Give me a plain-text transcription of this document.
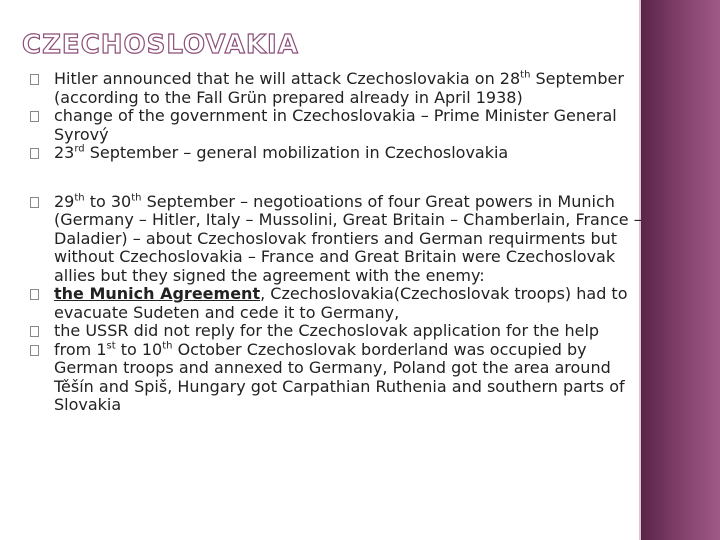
CZECHOSLOVAKIA
Hitler announced that he will attack Czechoslovakia on 28th September (according to the Fall Grün prepared already in April 1938)
change of the government in Czechoslovakia – Prime Minister General Syrový
23rd September – general mobilization in Czechoslovakia
29th to 30th September – negotioations of four Great powers in Munich (Germany – Hitler, Italy – Mussolini, Great Britain – Chamberlain, France – Daladier) – about Czechoslovak frontiers and German requirments but without Czechoslovakia – France and Great Britain were Czechoslovak allies but they signed the agreement with the enemy:
the Munich Agreement, Czechoslovakia(Czechoslovak troops) had to evacuate Sudeten and cede it to Germany,
the USSR did not reply for the Czechoslovak application for the help
from 1st to 10th October Czechoslovak borderland was occupied by German troops and annexed to Germany, Poland got the area around Těšín and Spiš, Hungary got Carpathian Ruthenia and southern parts of Slovakia
